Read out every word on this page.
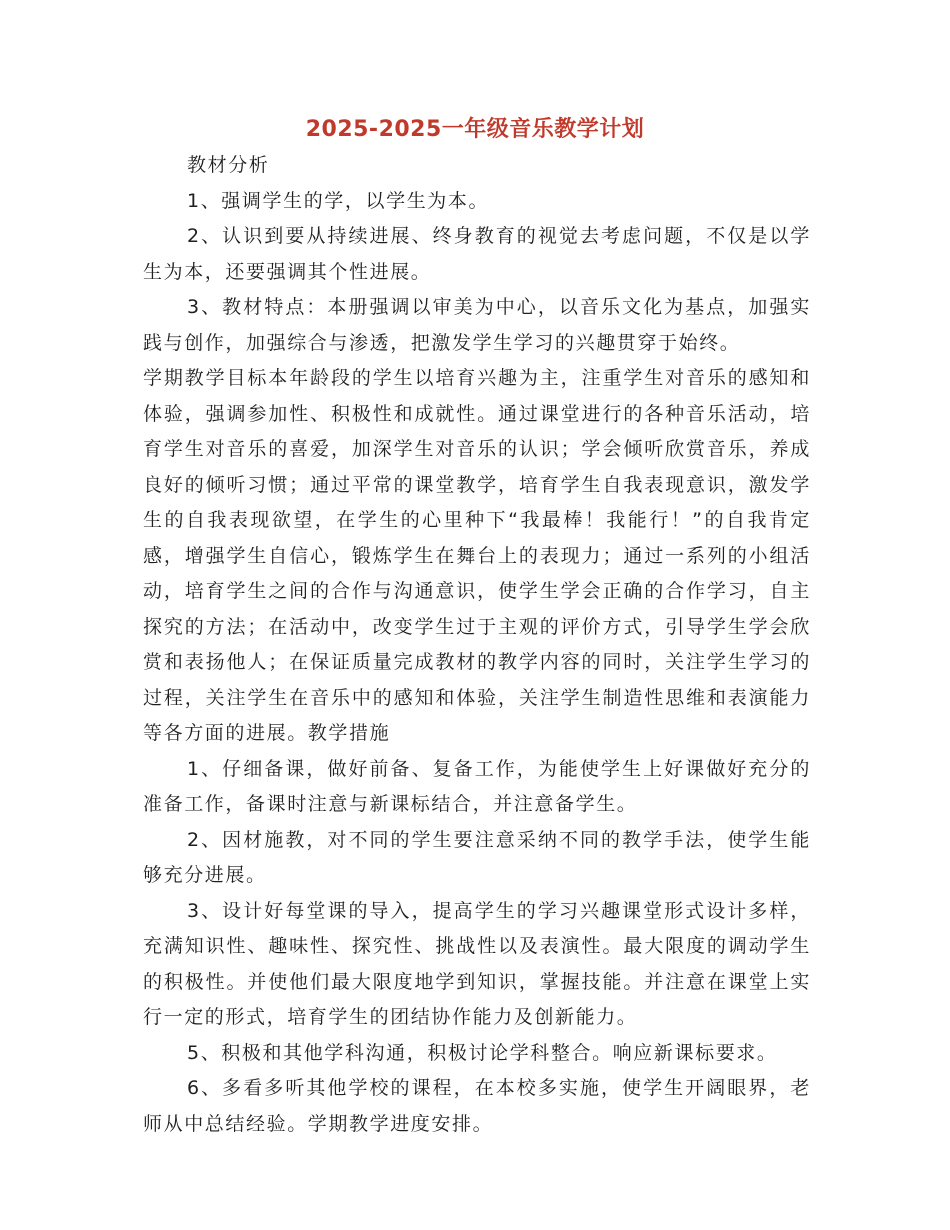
2025-2025一年级音乐教学计划

教材分析

1、强调学生的学，以学生为本。

2、认识到要从持续进展、终身教育的视觉去考虑问题，不仅是以学生为本，还要强调其个性进展。

3、教材特点：本册强调以审美为中心，以音乐文化为基点，加强实践与创作，加强综合与渗透，把激发学生学习的兴趣贯穿于始终。

学期教学目标本年龄段的学生以培育兴趣为主，注重学生对音乐的感知和体验，强调参加性、积极性和成就性。通过课堂进行的各种音乐活动，培育学生对音乐的喜爱，加深学生对音乐的认识；学会倾听欣赏音乐，养成良好的倾听习惯；通过平常的课堂教学，培育学生自我表现意识，激发学生的自我表现欲望，在学生的心里种下“我最棒！我能行！”的自我肯定感，增强学生自信心，锻炼学生在舞台上的表现力；通过一系列的小组活动，培育学生之间的合作与沟通意识，使学生学会正确的合作学习，自主探究的方法；在活动中，改变学生过于主观的评价方式，引导学生学会欣赏和表扬他人；在保证质量完成教材的教学内容的同时，关注学生学习的过程，关注学生在音乐中的感知和体验，关注学生制造性思维和表演能力等各方面的进展。教学措施

1、仔细备课，做好前备、复备工作，为能使学生上好课做好充分的准备工作，备课时注意与新课标结合，并注意备学生。

2、因材施教，对不同的学生要注意采纳不同的教学手法，使学生能够充分进展。

3、设计好每堂课的导入，提高学生的学习兴趣课堂形式设计多样，充满知识性、趣味性、探究性、挑战性以及表演性。最大限度的调动学生的积极性。并使他们最大限度地学到知识，掌握技能。并注意在课堂上实行一定的形式，培育学生的团结协作能力及创新能力。

5、积极和其他学科沟通，积极讨论学科整合。响应新课标要求。

6、多看多听其他学校的课程，在本校多实施，使学生开阔眼界，老师从中总结经验。学期教学进度安排。
